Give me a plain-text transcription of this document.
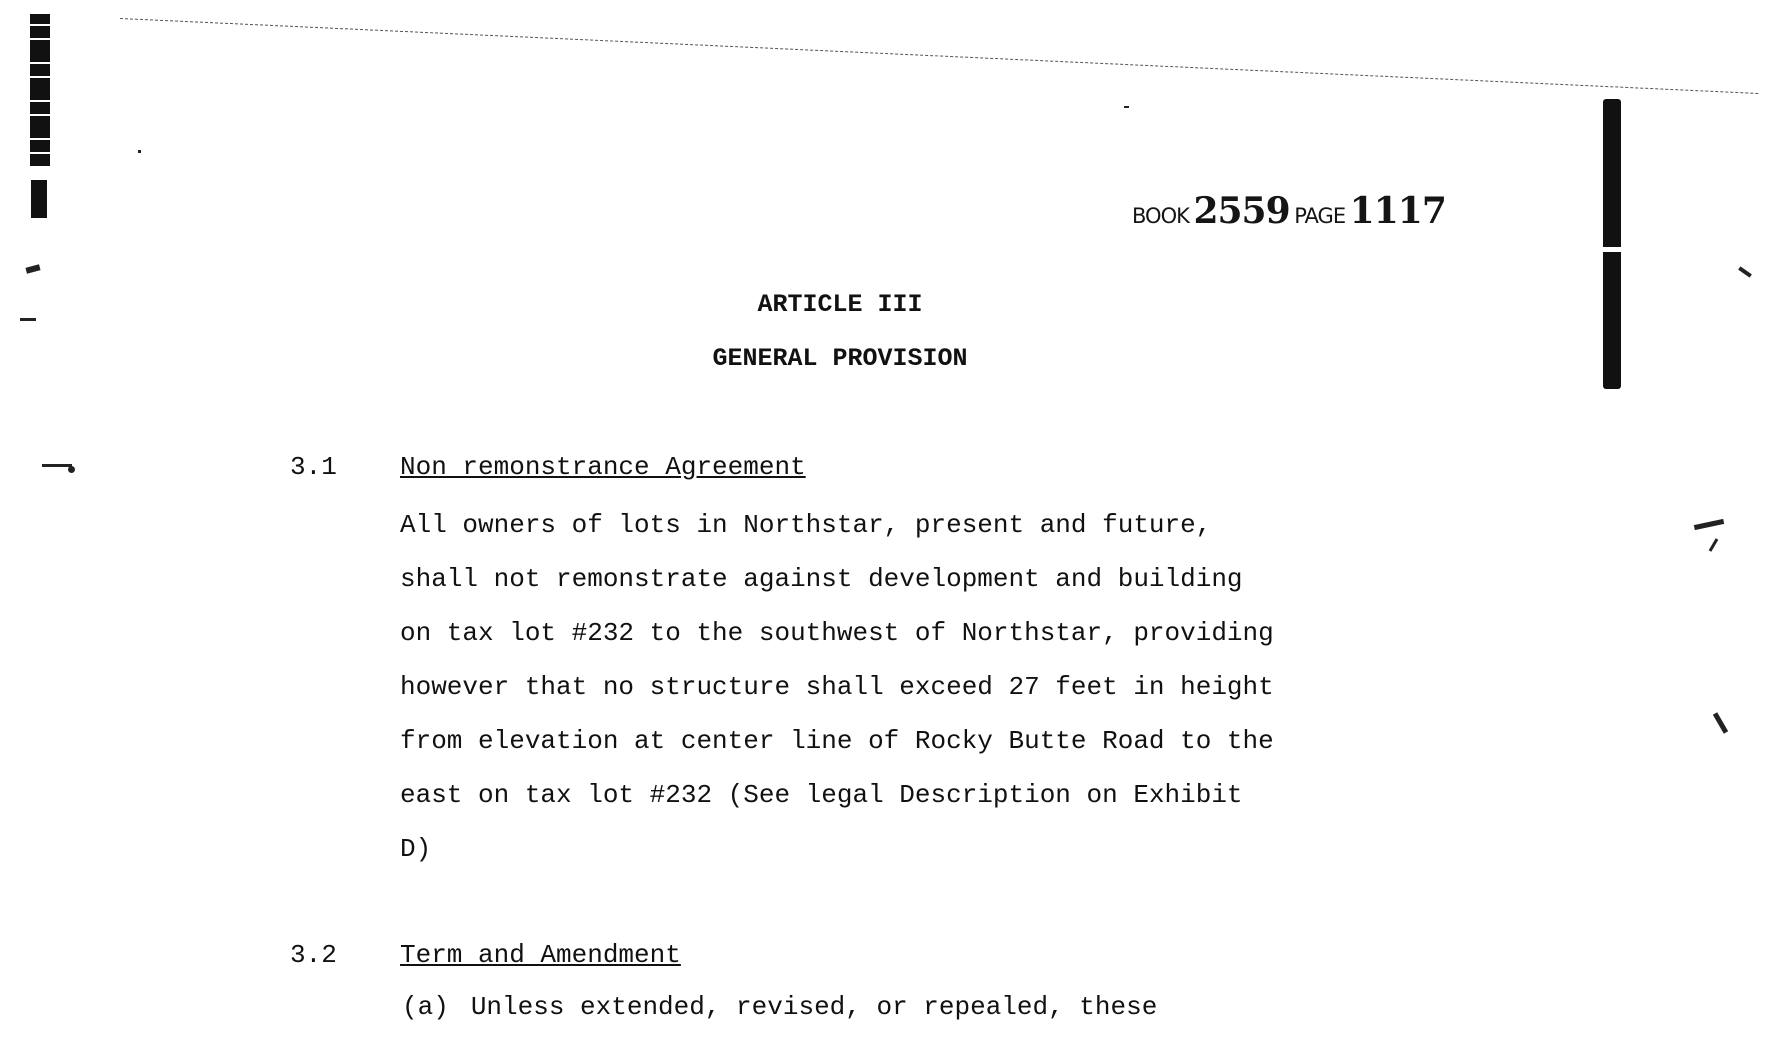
BOOK 2559 PAGE 1117
ARTICLE III
GENERAL PROVISION
3.1 Non remonstrance Agreement
All owners of lots in Northstar, present and future,
shall not remonstrate against development and building
on tax lot #232 to the southwest of Northstar, providing
however that no structure shall exceed 27 feet in height
from elevation at center line of Rocky Butte Road to the
east on tax lot #232 (See legal Description on Exhibit
D)
3.2 Term and Amendment
(a) Unless extended, revised, or repealed, these
